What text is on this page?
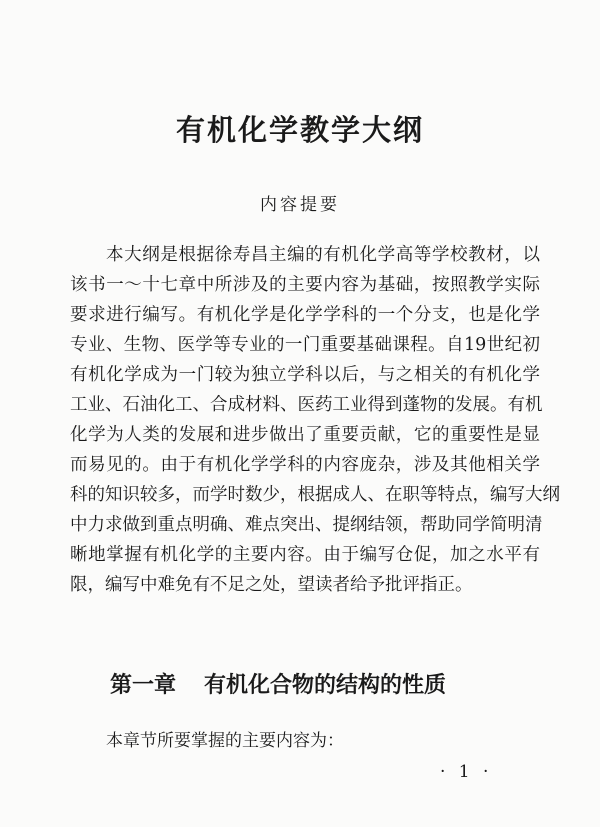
有机化学教学大纲
内容提要
本大纲是根据徐寿昌主编的有机化学高等学校教材，以
该书一～十七章中所涉及的主要内容为基础，按照教学实际
要求进行编写。有机化学是化学学科的一个分支，也是化学
专业、生物、医学等专业的一门重要基础课程。自19世纪初
有机化学成为一门较为独立学科以后，与之相关的有机化学
工业、石油化工、合成材料、医药工业得到蓬物的发展。有机
化学为人类的发展和进步做出了重要贡献，它的重要性是显
而易见的。由于有机化学学科的内容庞杂，涉及其他相关学
科的知识较多，而学时数少，根据成人、在职等特点，编写大纲
中力求做到重点明确、难点突出、提纲结领，帮助同学简明清
晰地掌握有机化学的主要内容。由于编写仓促，加之水平有
限，编写中难免有不足之处，望读者给予批评指正。
第一章 有机化合物的结构的性质
本章节所要掌握的主要内容为：
· 1 ·
